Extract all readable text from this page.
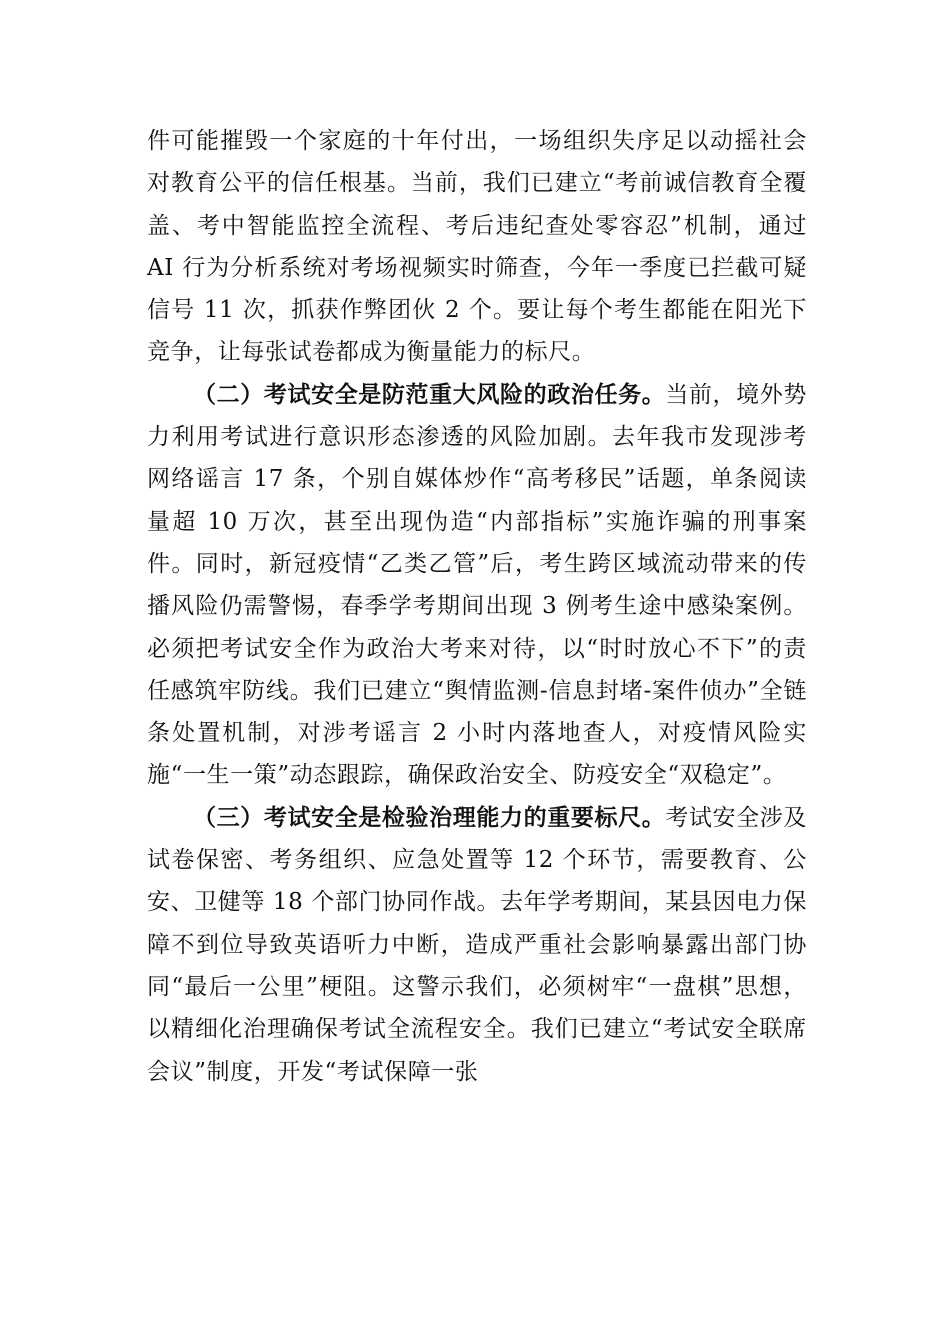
件可能摧毁一个家庭的十年付出，一场组织失序足以动摇社会对教育公平的信任根基。当前，我们已建立“考前诚信教育全覆盖、考中智能监控全流程、考后违纪查处零容忍”机制，通过 AI 行为分析系统对考场视频实时筛查，今年一季度已拦截可疑信号 11 次，抓获作弊团伙 2 个。要让每个考生都能在阳光下竞争，让每张试卷都成为衡量能力的标尺。

（二）考试安全是防范重大风险的政治任务。当前，境外势力利用考试进行意识形态渗透的风险加剧。去年我市发现涉考网络谣言 17 条，个别自媒体炒作“高考移民”话题，单条阅读量超 10 万次，甚至出现伪造“内部指标”实施诈骗的刑事案件。同时，新冠疫情“乙类乙管”后，考生跨区域流动带来的传播风险仍需警惕，春季学考期间出现 3 例考生途中感染案例。必须把考试安全作为政治大考来对待，以“时时放心不下”的责任感筑牢防线。我们已建立“舆情监测-信息封堵-案件侦办”全链条处置机制，对涉考谣言 2 小时内落地查人，对疫情风险实施“一生一策”动态跟踪，确保政治安全、防疫安全“双稳定”。

（三）考试安全是检验治理能力的重要标尺。考试安全涉及试卷保密、考务组织、应急处置等 12 个环节，需要教育、公安、卫健等 18 个部门协同作战。去年学考期间，某县因电力保障不到位导致英语听力中断，造成严重社会影响暴露出部门协同“最后一公里”梗阻。这警示我们，必须树牢“一盘棋”思想，以精细化治理确保考试全流程安全。我们已建立“考试安全联席会议”制度，开发“考试保障一张
